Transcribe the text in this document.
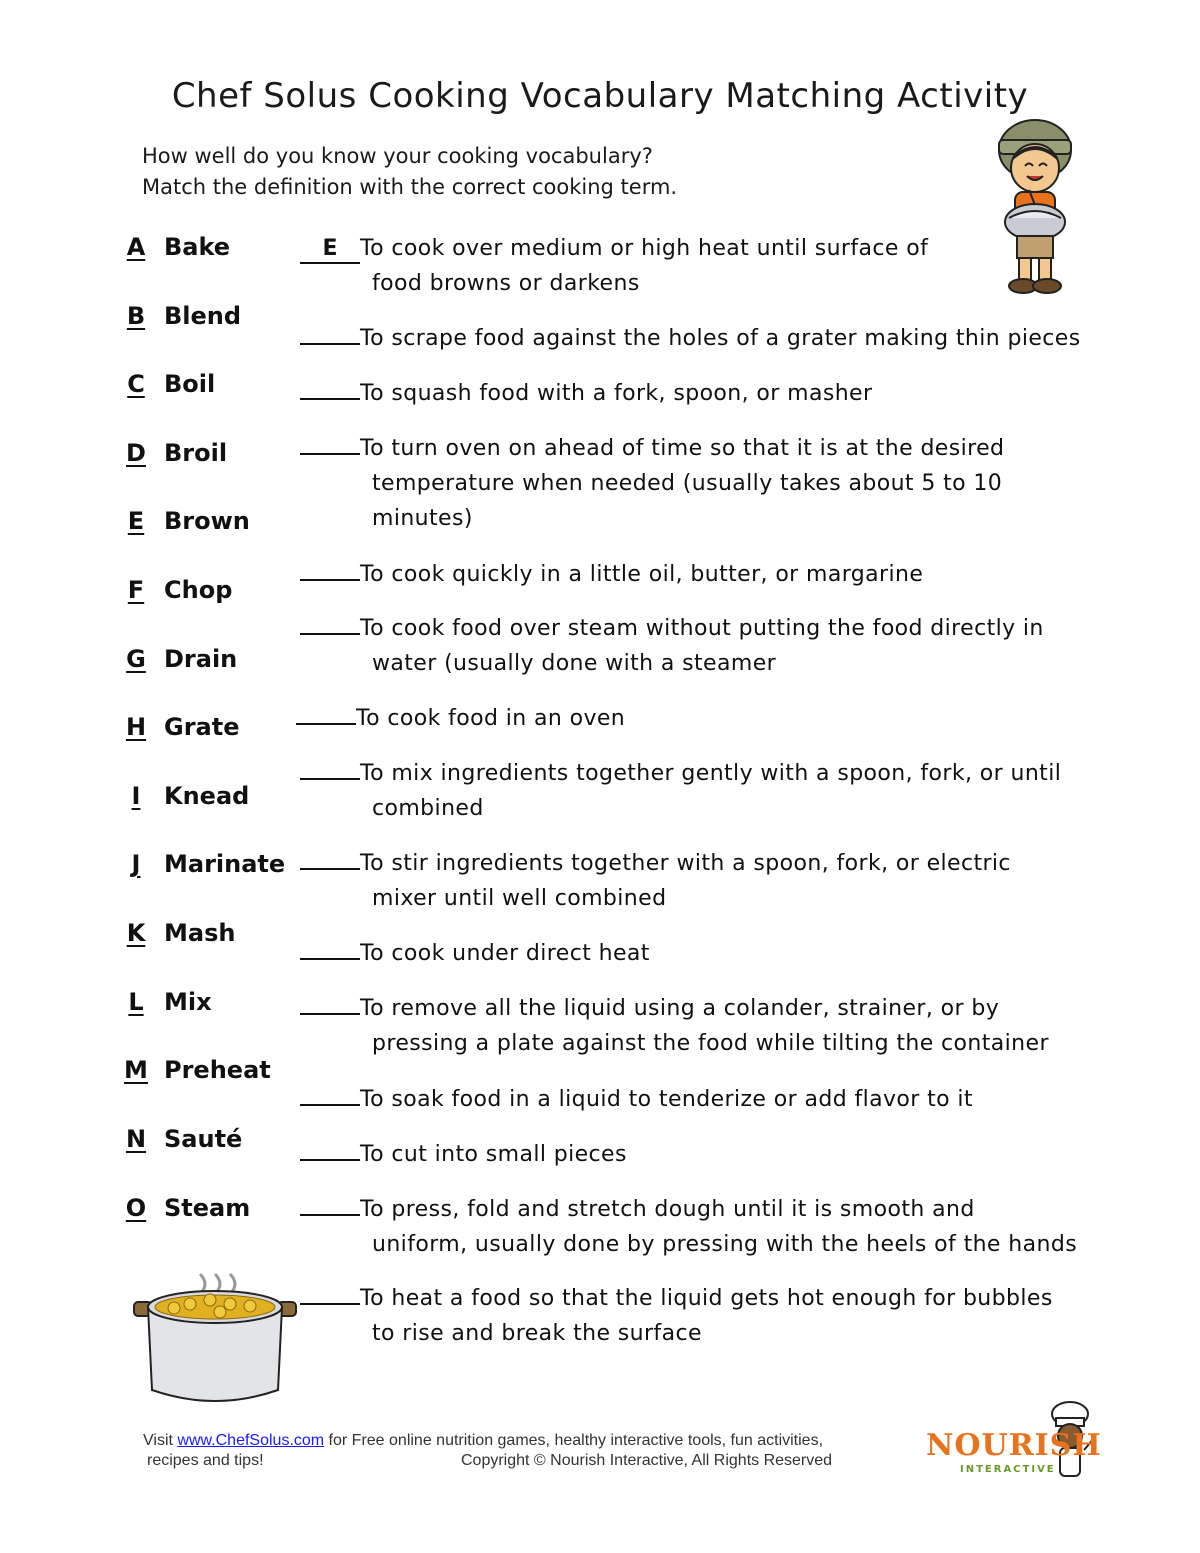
Chef Solus Cooking Vocabulary Matching Activity
How well do you know your cooking vocabulary?
Match the definition with the correct cooking term.
A Bake
B Blend
C Boil
D Broil
E Brown
F Chop
G Drain
H Grate
I Knead
J Marinate
K Mash
L Mix
M Preheat
N Sauté
O Steam
E To cook over medium or high heat until surface of
food browns or darkens
To scrape food against the holes of a grater making thin pieces
To squash food with a fork, spoon, or masher
To turn oven on ahead of time so that it is at the desired
temperature when needed (usually takes about 5 to 10
minutes)
To cook quickly in a little oil, butter, or margarine
To cook food over steam without putting the food directly in
water (usually done with a steamer
To cook food in an oven
To mix ingredients together gently with a spoon, fork, or until
combined
To stir ingredients together with a spoon, fork, or electric
mixer until well combined
To cook under direct heat
To remove all the liquid using a colander, strainer, or by
pressing a plate against the food while tilting the container
To soak food in a liquid to tenderize or add flavor to it
To cut into small pieces
To press, fold and stretch dough until it is smooth and
uniform, usually done by pressing with the heels of the hands
To heat a food so that the liquid gets hot enough for bubbles
to rise and break the surface
Visit www.ChefSolus.com for Free online nutrition games, healthy interactive tools, fun activities,
recipes and tips!	Copyright © Nourish Interactive, All Rights Reserved	NOURISH
INTERACTIVE
